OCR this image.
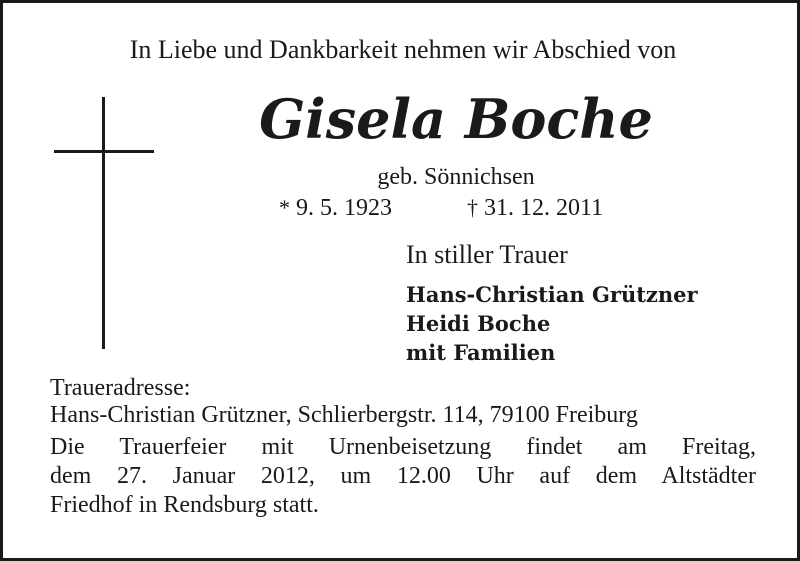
In Liebe und Dankbarkeit nehmen wir Abschied von
Gisela Boche
geb. Sönnichsen
* 9. 5. 1923	† 31. 12. 2011
In stiller Trauer
Hans-Christian Grützner
Heidi Boche
mit Familien
Traueradresse:
Hans-Christian Grützner, Schlierbergstr. 114, 79100 Freiburg
Die Trauerfeier mit Urnenbeisetzung findet am Freitag,
dem 27. Januar 2012, um 12.00 Uhr auf dem Altstädter
Friedhof in Rendsburg statt.
